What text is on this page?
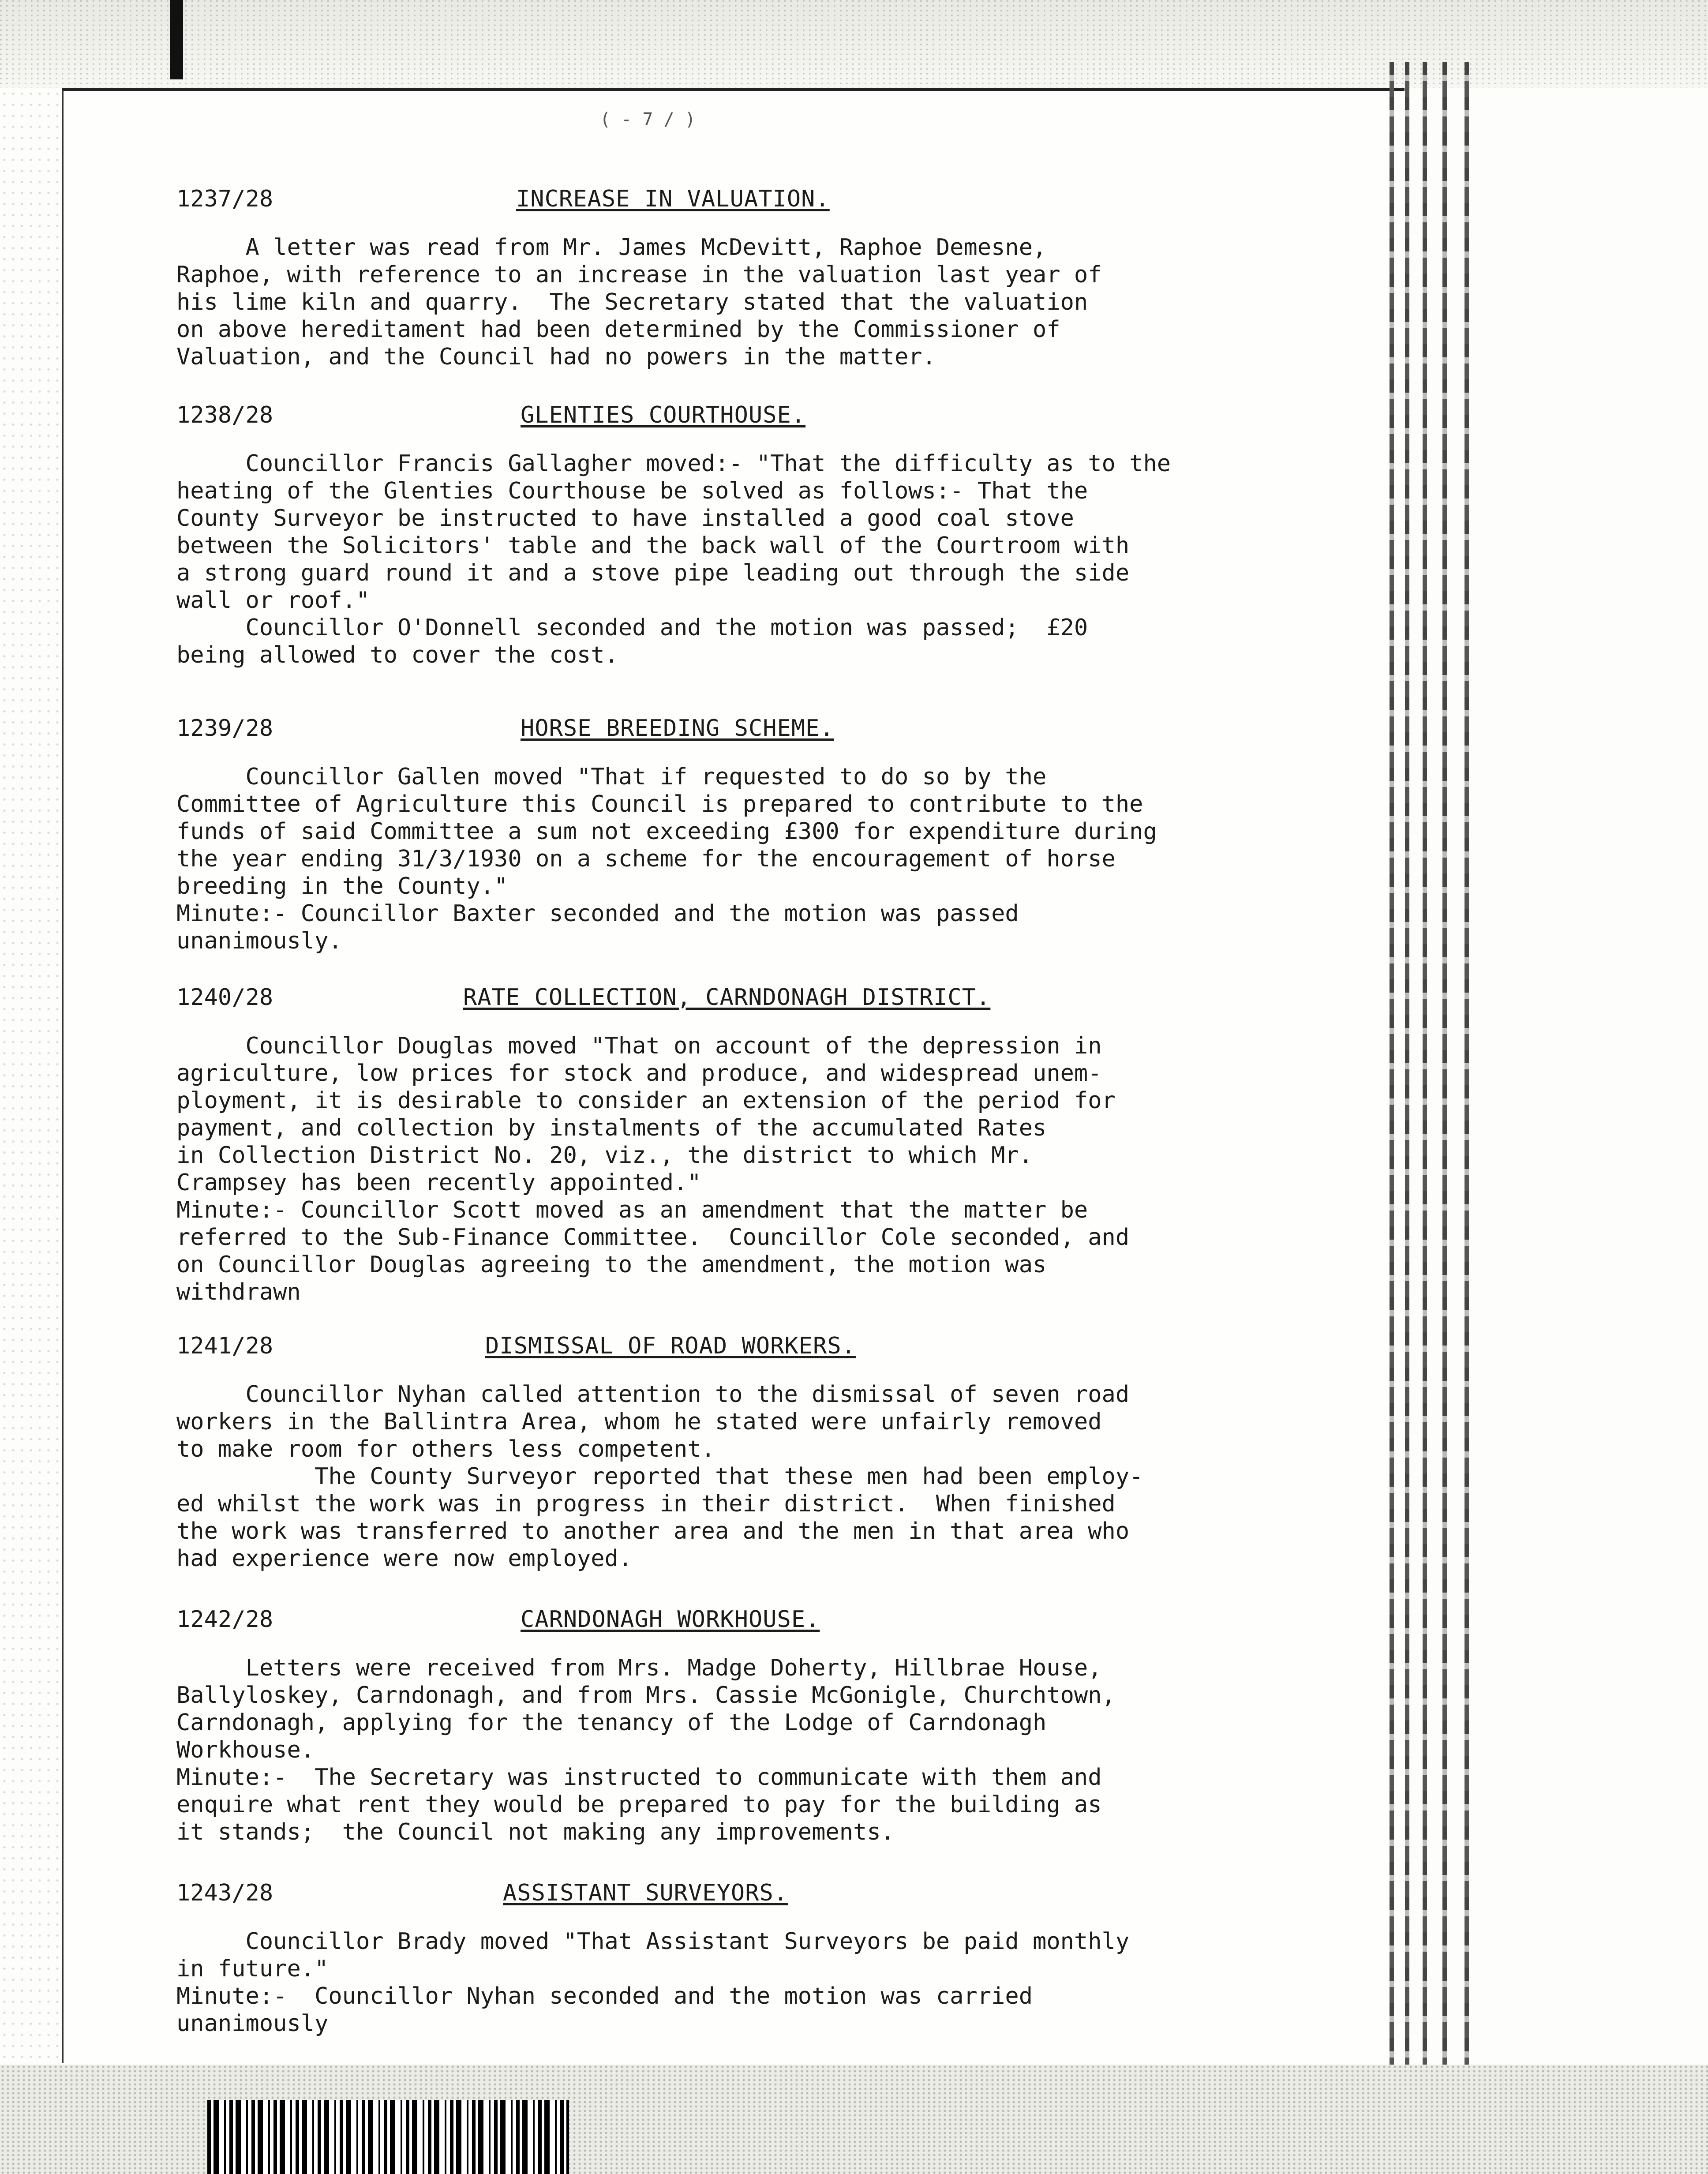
( - 7 / )
1237/28	INCREASE IN VALUATION.
A letter was read from Mr. James McDevitt, Raphoe Demesne,
Raphoe, with reference to an increase in the valuation last year of
his lime kiln and quarry.  The Secretary stated that the valuation
on above hereditament had been determined by the Commissioner of
Valuation, and the Council had no powers in the matter.
1238/28	GLENTIES COURTHOUSE.
Councillor Francis Gallagher moved:- "That the difficulty as to the
heating of the Glenties Courthouse be solved as follows:- That the
County Surveyor be instructed to have installed a good coal stove
between the Solicitors' table and the back wall of the Courtroom with
a strong guard round it and a stove pipe leading out through the side
wall or roof."
Councillor O'Donnell seconded and the motion was passed;  £20
being allowed to cover the cost.
1239/28	HORSE BREEDING SCHEME.
Councillor Gallen moved "That if requested to do so by the
Committee of Agriculture this Council is prepared to contribute to the
funds of said Committee a sum not exceeding £300 for expenditure during
the year ending 31/3/1930 on a scheme for the encouragement of horse
breeding in the County."
Minute:- Councillor Baxter seconded and the motion was passed
unanimously.
1240/28	RATE COLLECTION, CARNDONAGH DISTRICT.
Councillor Douglas moved "That on account of the depression in
agriculture, low prices for stock and produce, and widespread unem-
ployment, it is desirable to consider an extension of the period for
payment, and collection by instalments of the accumulated Rates
in Collection District No. 20, viz., the district to which Mr.
Crampsey has been recently appointed."
Minute:- Councillor Scott moved as an amendment that the matter be
referred to the Sub-Finance Committee.  Councillor Cole seconded, and
on Councillor Douglas agreeing to the amendment, the motion was
withdrawn
1241/28	DISMISSAL OF ROAD WORKERS.
Councillor Nyhan called attention to the dismissal of seven road
workers in the Ballintra Area, whom he stated were unfairly removed
to make room for others less competent.
The County Surveyor reported that these men had been employ-
ed whilst the work was in progress in their district.  When finished
the work was transferred to another area and the men in that area who
had experience were now employed.
1242/28	CARNDONAGH WORKHOUSE.
Letters were received from Mrs. Madge Doherty, Hillbrae House,
Ballyloskey, Carndonagh, and from Mrs. Cassie McGonigle, Churchtown,
Carndonagh, applying for the tenancy of the Lodge of Carndonagh
Workhouse.
Minute:-  The Secretary was instructed to communicate with them and
enquire what rent they would be prepared to pay for the building as
it stands;  the Council not making any improvements.
1243/28	ASSISTANT SURVEYORS.
Councillor Brady moved "That Assistant Surveyors be paid monthly
in future."
Minute:-  Councillor Nyhan seconded and the motion was carried
unanimously
